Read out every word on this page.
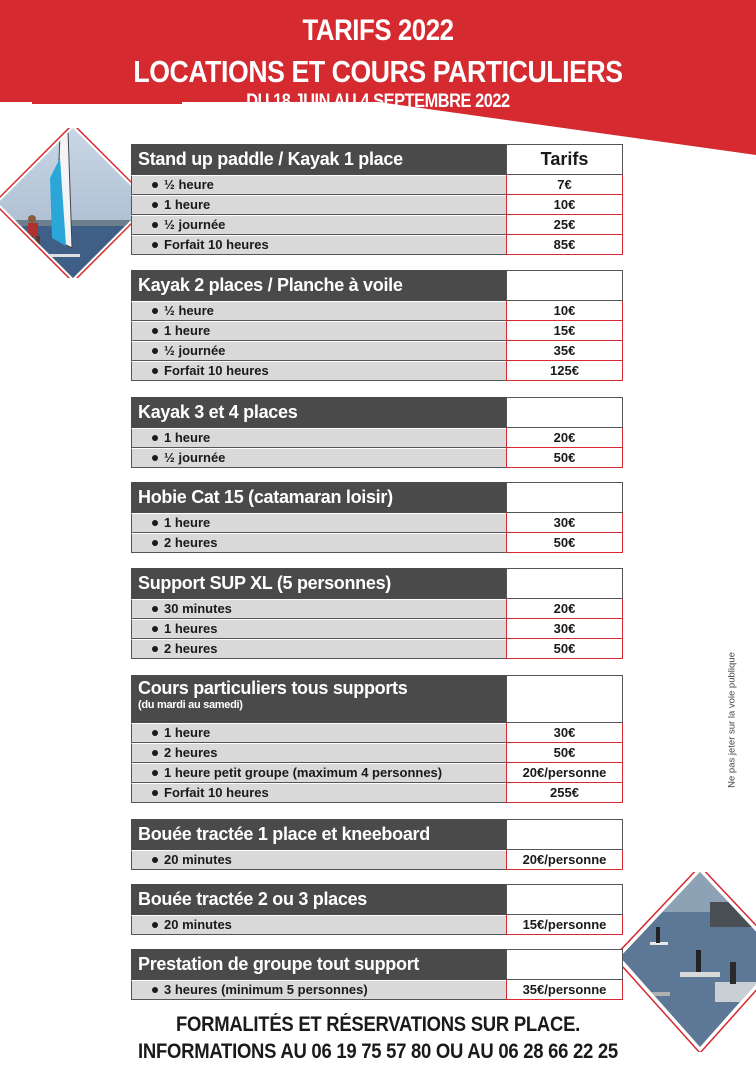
TARIFS 2022
LOCATIONS ET COURS PARTICULIERS
DU 18 JUIN AU 4 SEPTEMBRE 2022
Ne pas jeter sur la voie publique
Stand up paddle / Kayak 1 place	Tarifs
½ heure	7€
1 heure	10€
½ journée	25€
Forfait 10 heures	85€
Kayak 2 places / Planche à voile
½ heure	10€
1 heure	15€
½ journée	35€
Forfait 10 heures	125€
Kayak 3 et 4 places
1 heure	20€
½ journée	50€
Hobie Cat 15 (catamaran loisir)
1 heure	30€
2 heures	50€
Support SUP XL (5 personnes)
30 minutes	20€
1 heures	30€
2 heures	50€
Cours particuliers tous supports
(du mardi au samedi)
1 heure	30€
2 heures	50€
1 heure petit groupe (maximum 4 personnes)	20€/personne
Forfait 10 heures	255€
Bouée tractée 1 place et kneeboard
20 minutes	20€/personne
Bouée tractée 2 ou 3 places
20 minutes	15€/personne
Prestation de groupe tout support
3 heures (minimum 5 personnes)	35€/personne
FORMALITÉS ET RÉSERVATIONS SUR PLACE.
INFORMATIONS AU 06 19 75 57 80 OU AU 06 28 66 22 25
